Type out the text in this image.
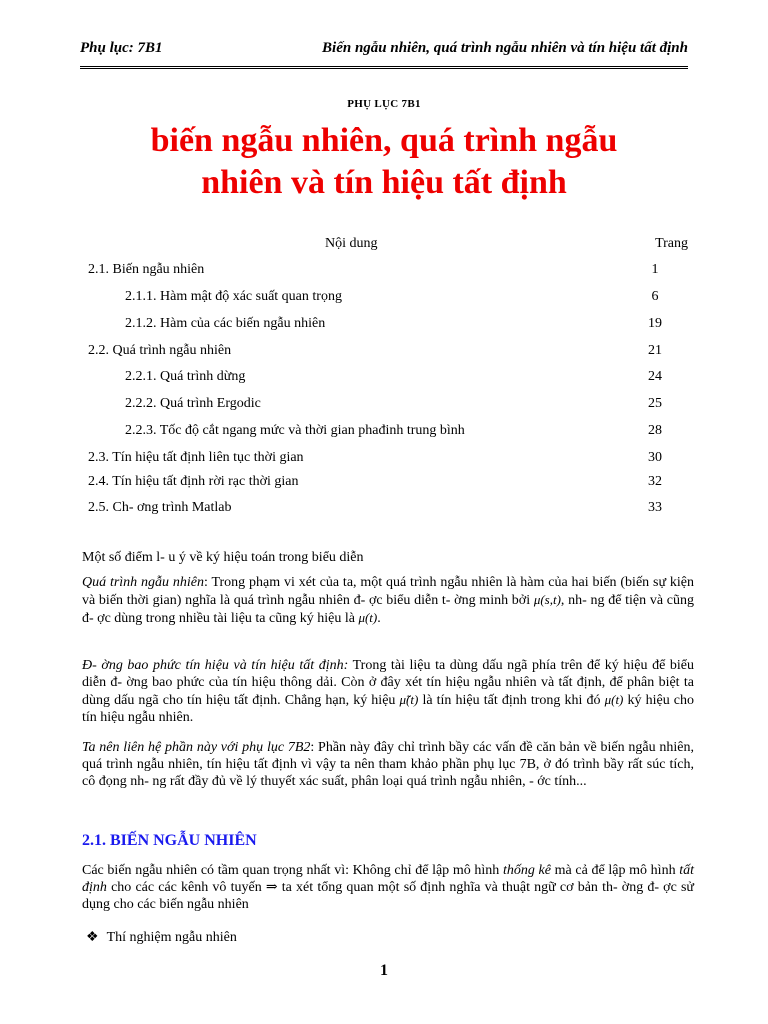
Phụ lục: 7B1	Biến ngẫu nhiên, quá trình ngẫu nhiên và tín hiệu tất định
PHỤ LỤC 7B1
biến ngẫu nhiên, quá trình ngẫu
nhiên và tín hiệu tất định
Nội dung	Trang
2.1. Biến ngẫu nhiên	1
2.1.1. Hàm mật độ xác suất quan trọng	6
2.1.2. Hàm của các biến ngẫu nhiên	19
2.2. Quá trình ngẫu nhiên	21
2.2.1. Quá trình dừng	24
2.2.2. Quá trình Ergodic	25
2.2.3. Tốc độ cắt ngang mức và thời gian phađinh trung bình	28
2.3. Tín hiệu tất định liên tục thời gian	30
2.4. Tín hiệu tất định rời rạc thời gian	32
2.5. Ch- ơng trình Matlab	33
Một số điểm l- u ý về ký hiệu toán trong biểu diễn

Quá trình ngẫu nhiên: Trong phạm vi xét của ta, một quá trình ngẫu nhiên là hàm của hai biến (biến sự kiện và biến thời gian) nghĩa là quá trình ngẫu nhiên đ- ợc biểu diễn t- ờng minh bởi μ(s,t), nh- ng để tiện và cũng đ- ợc dùng trong nhiều tài liệu ta cũng ký hiệu là μ(t).

Đ- ờng bao phức tín hiệu và tín hiệu tất định: Trong tài liệu ta dùng dấu ngã phía trên để ký hiệu để biểu diễn đ- ờng bao phức của tín hiệu thông dải. Còn ở đây xét tín hiệu ngẫu nhiên và tất định, để phân biệt ta dùng dấu ngã cho tín hiệu tất định. Chẳng hạn, ký hiệu μ̃(t) là tín hiệu tất định trong khi đó μ(t) ký hiệu cho tín hiệu ngẫu nhiên.

Ta nên liên hệ phần này với phụ lục 7B2: Phần này đây chỉ trình bầy các vấn đề căn bản về biến ngẫu nhiên, quá trình ngẫu nhiên, tín hiệu tất định vì vậy ta nên tham khảo phần phụ lục 7B, ở đó trình bầy rất súc tích, cô đọng nh- ng rất đầy đủ về lý thuyết xác suất, phân loại quá trình ngẫu nhiên, - ớc tính...

2.1. BIẾN NGẪU NHIÊN

Các biến ngẫu nhiên có tầm quan trọng nhất vì: Không chỉ để lập mô hình thống kê mà cả để lập mô hình tất định cho các các kênh vô tuyến ⇒ ta xét tổng quan một số định nghĩa và thuật ngữ cơ bản th- ờng đ- ợc sử dụng cho các biến ngẫu nhiên

❖ Thí nghiệm ngẫu nhiên
1
